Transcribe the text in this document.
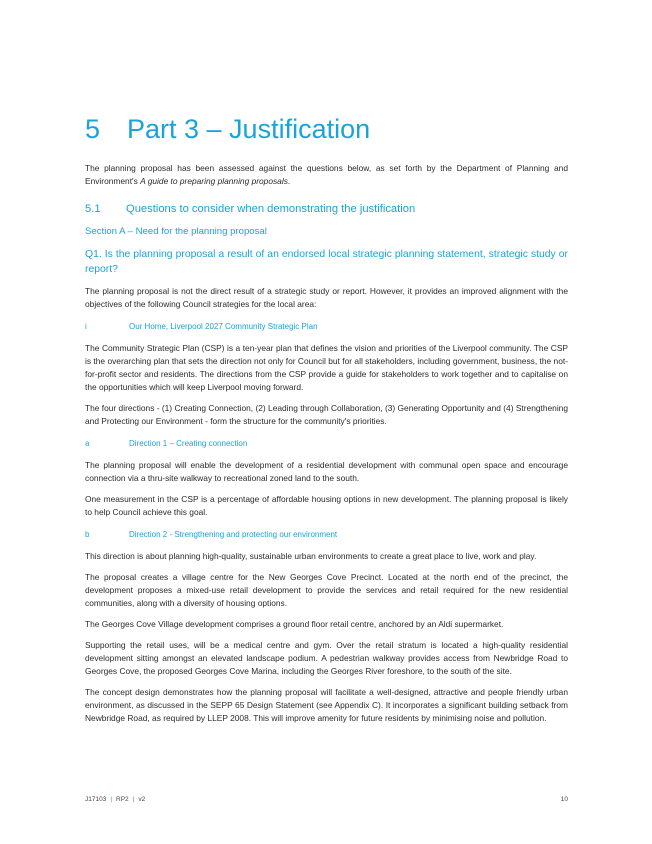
5 Part 3 – Justification

The planning proposal has been assessed against the questions below, as set forth by the Department of Planning and Environment's A guide to preparing planning proposals.

5.1 Questions to consider when demonstrating the justification
Section A – Need for the planning proposal
Q1. Is the planning proposal a result of an endorsed local strategic planning statement, strategic study or report?

The planning proposal is not the direct result of a strategic study or report. However, it provides an improved alignment with the objectives of the following Council strategies for the local area:

i	Our Home, Liverpool 2027 Community Strategic Plan

The Community Strategic Plan (CSP) is a ten-year plan that defines the vision and priorities of the Liverpool community. The CSP is the overarching plan that sets the direction not only for Council but for all stakeholders, including government, business, the not-for-profit sector and residents. The directions from the CSP provide a guide for stakeholders to work together and to capitalise on the opportunities which will keep Liverpool moving forward.

The four directions - (1) Creating Connection, (2) Leading through Collaboration, (3) Generating Opportunity and (4) Strengthening and Protecting our Environment - form the structure for the community's priorities.

a	Direction 1 – Creating connection

The planning proposal will enable the development of a residential development with communal open space and encourage connection via a thru-site walkway to recreational zoned land to the south.

One measurement in the CSP is a percentage of affordable housing options in new development. The planning proposal is likely to help Council achieve this goal.

b	Direction 2 - Strengthening and protecting our environment

This direction is about planning high-quality, sustainable urban environments to create a great place to live, work and play.

The proposal creates a village centre for the New Georges Cove Precinct. Located at the north end of the precinct, the development proposes a mixed-use retail development to provide the services and retail required for the new residential communities, along with a diversity of housing options.

The Georges Cove Village development comprises a ground floor retail centre, anchored by an Aldi supermarket.

Supporting the retail uses, will be a medical centre and gym. Over the retail stratum is located a high-quality residential development sitting amongst an elevated landscape podium. A pedestrian walkway provides access from Newbridge Road to Georges Cove, the proposed Georges Cove Marina, including the Georges River foreshore, to the south of the site.

The concept design demonstrates how the planning proposal will facilitate a well-designed, attractive and people friendly urban environment, as discussed in the SEPP 65 Design Statement (see Appendix C). It incorporates a significant building setback from Newbridge Road, as required by LLEP 2008. This will improve amenity for future residents by minimising noise and pollution.

J17103 | RP2 | v2	10
